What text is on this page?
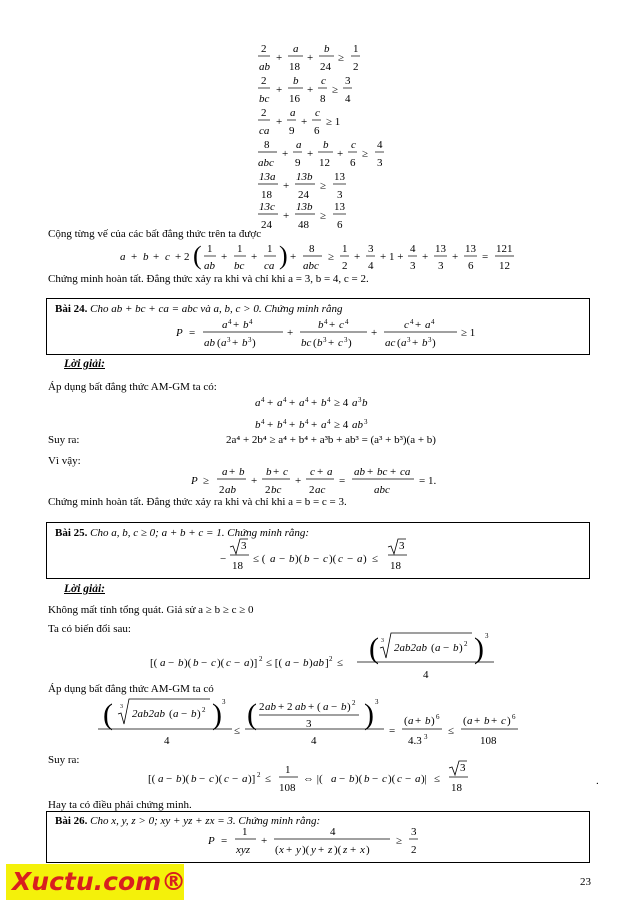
2
ab
+
a
18
+
b
24
≥
1
2
2
bc
+
b
16
+
c
8
≥
3
4
2
ca
+
a
9
+
c
6
≥ 1
8
abc
+
a
9
+
b
12
+
c
6
≥
4
3
13a
18
+
13b
24
≥
13
3
13c
24
+
13b
48
≥
13
6
Cộng từng vế của các bất đẳng thức trên ta được
a + b + c + 2 ( 1
ab
+
1
bc
+
1
ca ) +
8
abc
≥
1
2
+
3
4
+ 1 +
4
3
+
13
3
+
13
6
=
121
12
Chứng minh hoàn tất. Đẳng thức xảy ra khi và chỉ khi a = 3, b = 4, c = 2.
Bài 24. Cho ab + bc + ca = abc và a, b, c > 0. Chứng minh rằng
P =
a 4 + b 4
ab ( a 3 + b 3 )
+
b 4 + c 4
bc ( b 3 + c 3 )
+
c 4 + a 4
ac ( a 3 + b 3 )
≥ 1
Lời giải:
Áp dụng bất đẳng thức AM-GM ta có:
a 4 + a 4 + a 4 + b 4 ≥ 4 a 3 b
b 4 + b 4 + b 4 + a 4 ≥ 4 ab 3
Suy ra:	2a⁴ + 2b⁴ ≥ a⁴ + b⁴ + a³b + ab³ = (a³ + b³)(a + b)
Vì vậy:
P ≥
a + b
2 ab
+
b + c
2 bc
+
c + a
2 ac
=
ab + bc + ca
abc
= 1.
Chứng minh hoàn tất. Đẳng thức xảy ra khi và chỉ khi a = b = c = 3.
Bài 25. Cho a, b, c ≥ 0; a + b + c = 1. Chứng minh rằng:
−
3
18
≤ ( a − b )( b − c )( c − a ) ≤
3
18
Lời giải:
Không mất tính tổng quát. Giả sử a ≥ b ≥ c ≥ 0
Ta có biến đổi sau:
[( a − b )( b − c )( c − a )] 2 ≤ [( a − b ) ab ] 2 ≤ ( 3
2ab2ab ( a − b ) 2 ) 3
4
Áp dụng bất đẳng thức AM-GM ta có
( 3
2ab2ab ( a − b ) 2 ) 3
4
≤ ( 2 ab + 2 ab + ( a − b ) 2
3 ) 3
4
=
( a + b ) 6
4.3 3 ≤
( a + b + c ) 6
108
Suy ra:
[( a − b )( b − c )( c − a )] 2 ≤
1
108
⇔ |( a − b )( b − c )( c − a )| ≤
3
18
.
Hay ta có điều phải chứng minh.
Bài 26. Cho x, y, z > 0; xy + yz + zx = 3. Chứng minh rằng:
P =
1
xyz
+
4
( x + y )( y + z )( z + x )
≥
3
2
Xuctu.com®	23
